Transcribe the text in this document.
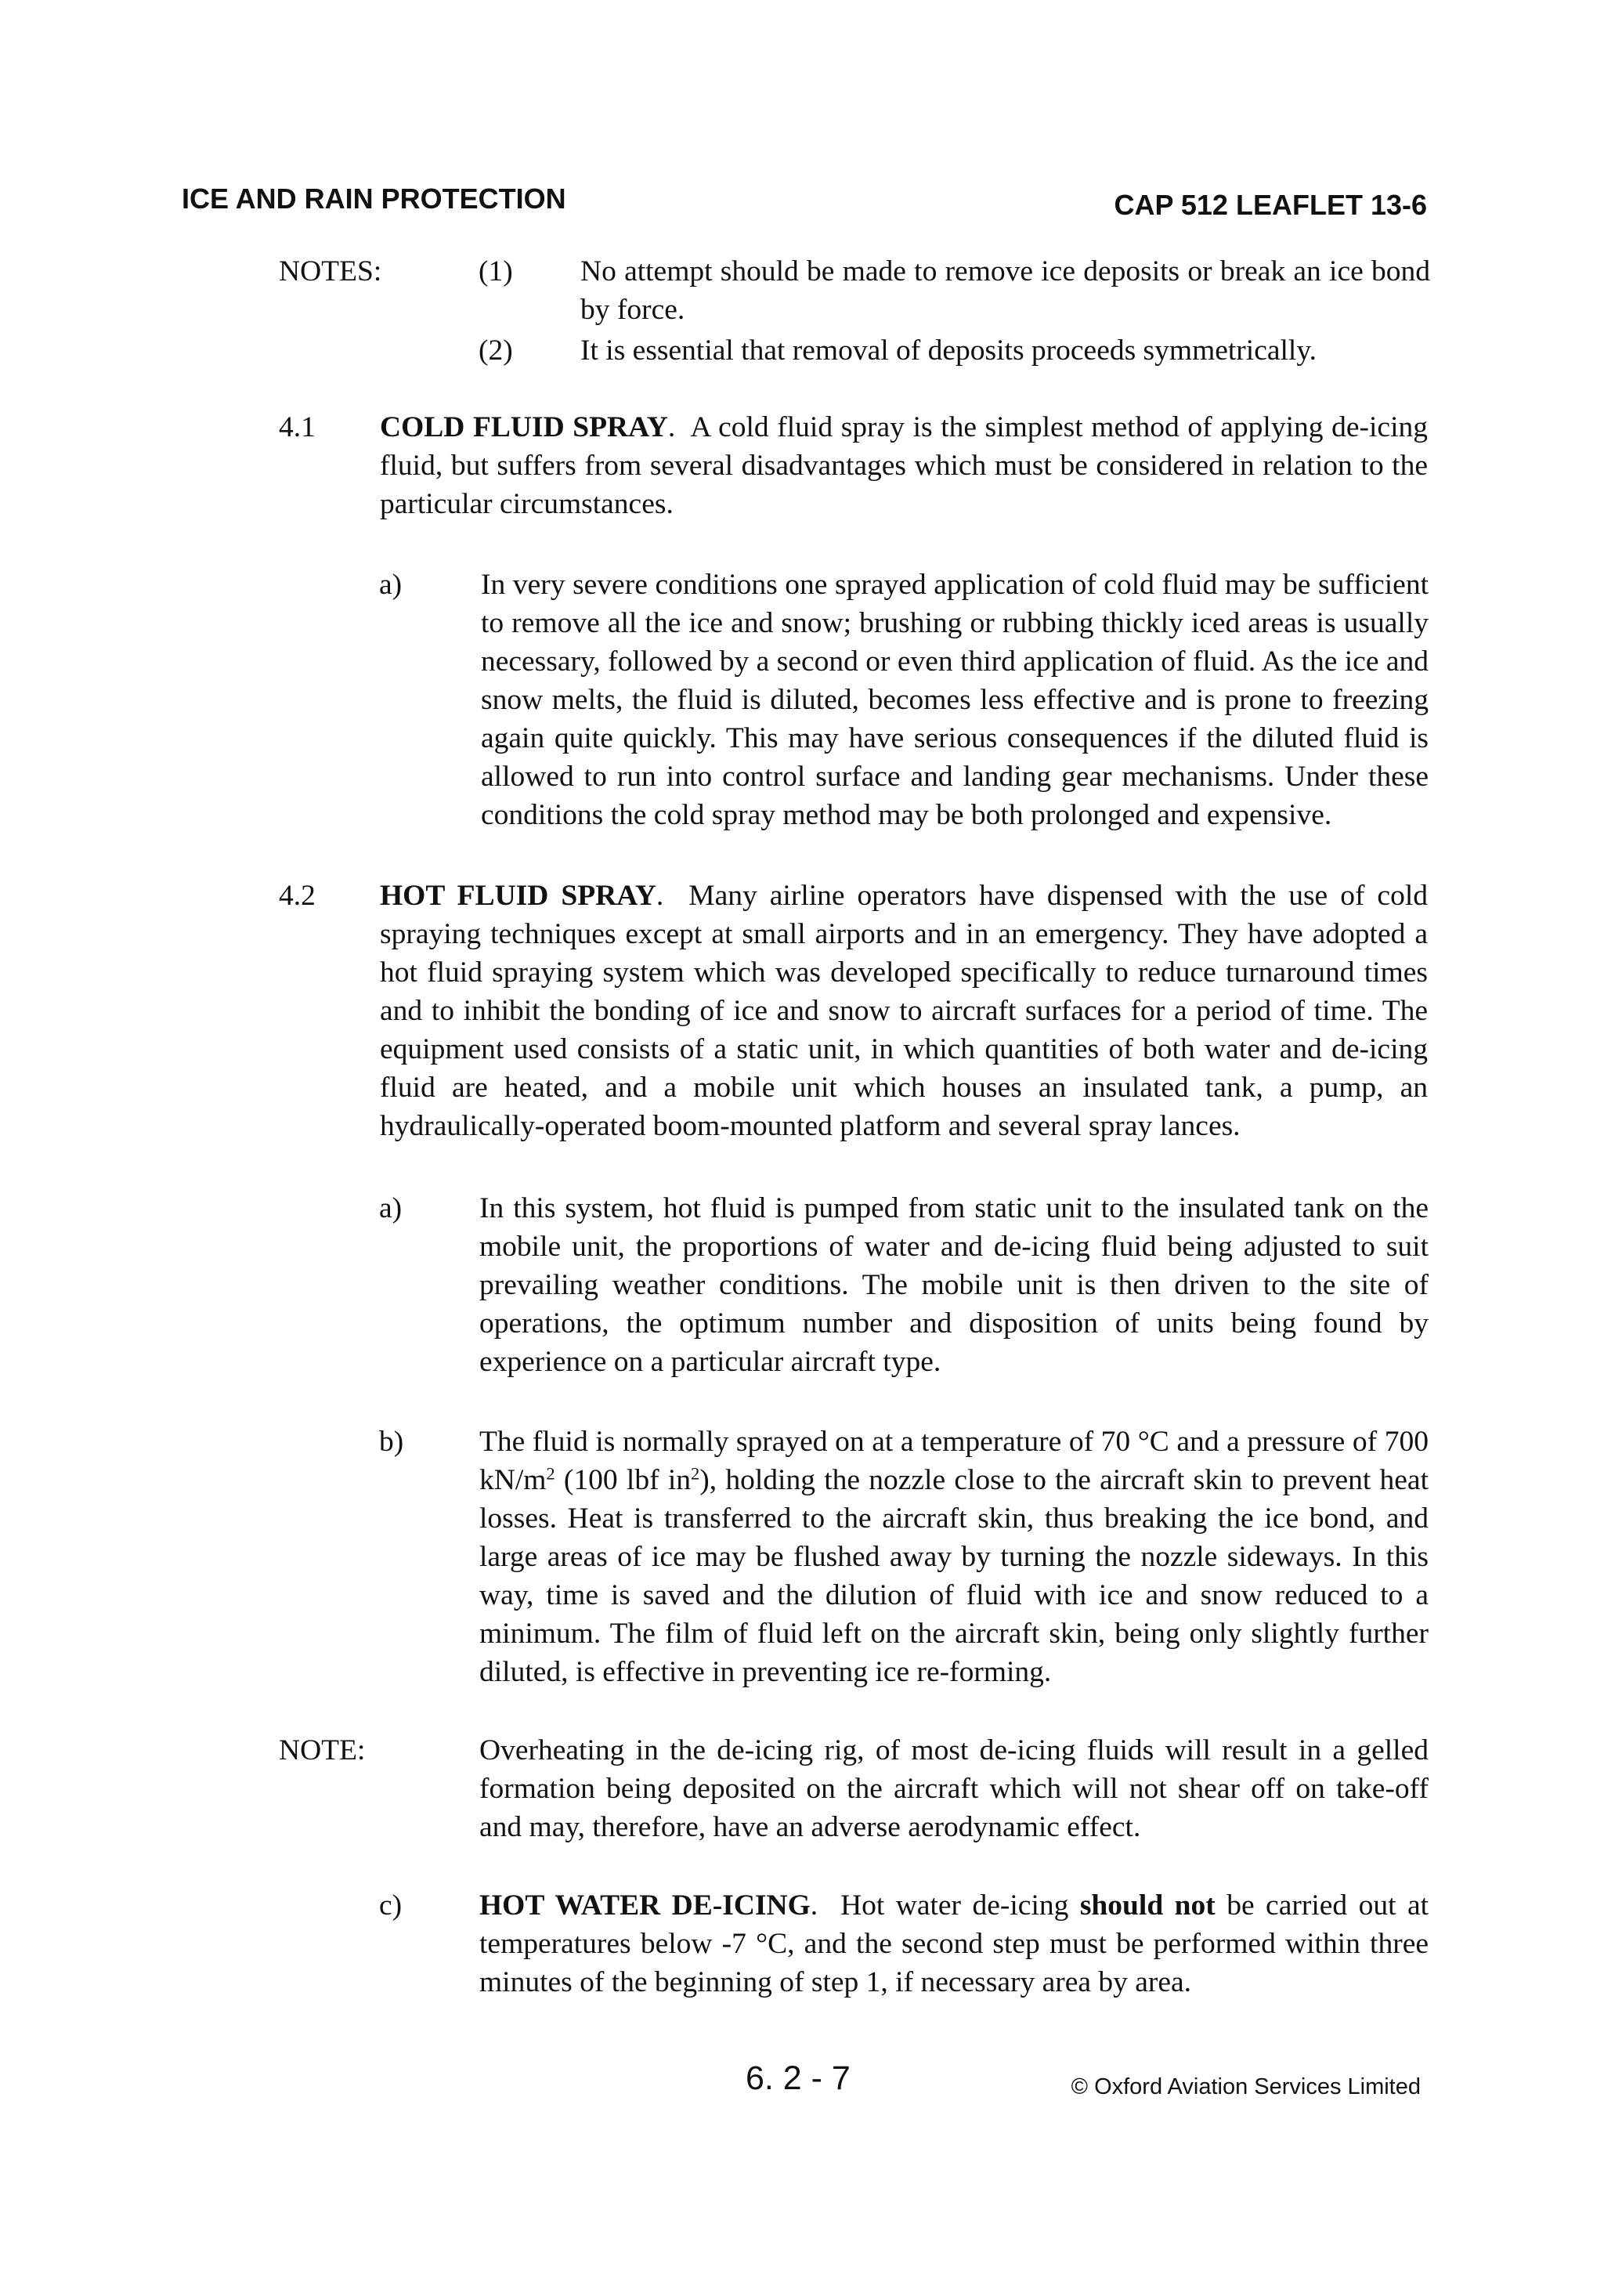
ICE AND RAIN PROTECTION	CAP 512 LEAFLET 13-6
NOTES:	(1) No attempt should be made to remove ice deposits or break an ice bond by force.
(2) It is essential that removal of deposits proceeds symmetrically.
4.1 COLD FLUID SPRAY.  A cold fluid spray is the simplest method of applying de-icing fluid, but suffers from several disadvantages which must be considered in relation to the particular circumstances.
a)	In very severe conditions one sprayed application of cold fluid may be sufficient to remove all the ice and snow; brushing or rubbing thickly iced areas is usually necessary, followed by a second or even third application of fluid. As the ice and snow melts, the fluid is diluted, becomes less effective and is prone to freezing again quite quickly. This may have serious consequences if the diluted fluid is allowed to run into control surface and landing gear mechanisms. Under these conditions the cold spray method may be both prolonged and expensive.
4.2 HOT FLUID SPRAY.  Many airline operators have dispensed with the use of cold spraying techniques except at small airports and in an emergency. They have adopted a hot fluid spraying system which was developed specifically to reduce turnaround times and to inhibit the bonding of ice and snow to aircraft surfaces for a period of time. The equipment used consists of a static unit, in which quantities of both water and de-icing fluid are heated, and a mobile unit which houses an insulated tank, a pump, an hydraulically-operated boom-mounted platform and several spray lances.
a)	In this system, hot fluid is pumped from static unit to the insulated tank on the mobile unit, the proportions of water and de-icing fluid being adjusted to suit prevailing weather conditions. The mobile unit is then driven to the site of operations, the optimum number and disposition of units being found by experience on a particular aircraft type.
b)	The fluid is normally sprayed on at a temperature of 70 °C and a pressure of 700 $kN/m^2$ (100 lbf $in^2$), holding the nozzle close to the aircraft skin to prevent heat losses. Heat is transferred to the aircraft skin, thus breaking the ice bond, and large areas of ice may be flushed away by turning the nozzle sideways. In this way, time is saved and the dilution of fluid with ice and snow reduced to a minimum. The film of fluid left on the aircraft skin, being only slightly further diluted, is effective in preventing ice re-forming.
NOTE:	Overheating in the de-icing rig, of most de-icing fluids will result in a gelled formation being deposited on the aircraft which will not shear off on take-off and may, therefore, have an adverse aerodynamic effect.
c)	HOT WATER DE-ICING.  Hot water de-icing should not be carried out at temperatures below -7 °C, and the second step must be performed within three minutes of the beginning of step 1, if necessary area by area.
6. 2 - 7	© Oxford Aviation Services Limited
